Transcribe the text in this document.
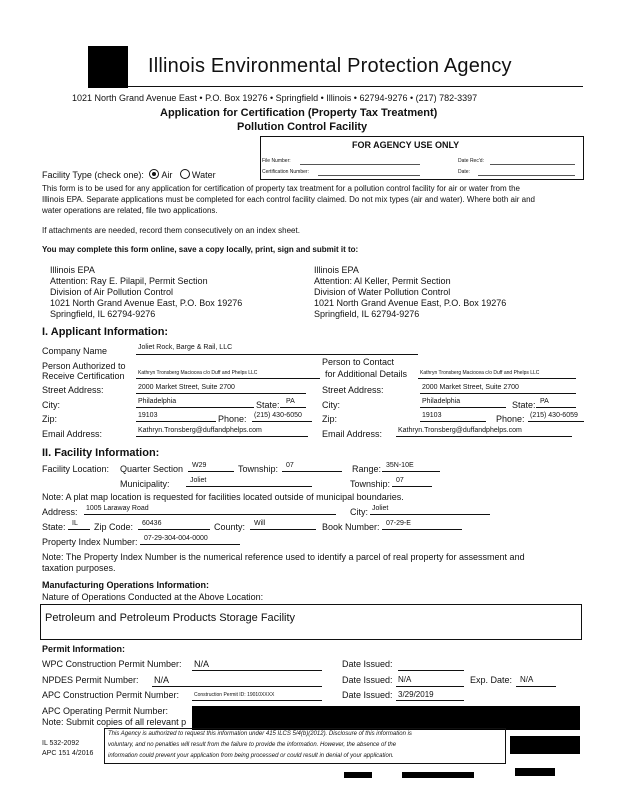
Illinois Environmental Protection Agency
1021 North Grand Avenue East • P.O. Box 19276 • Springfield • Illinois • 62794-9276 • (217) 782-3397
Application for Certification (Property Tax Treatment)
Pollution Control Facility
FOR AGENCY USE ONLY
File Number:	Date Rec'd:
Certification Number:	Date:
Facility Type (check one): Air Water
This form is to be used for any application for certification of property tax treatment for a pollution control facility for air or water from the
Illinois EPA. Separate applications must be completed for each control facility claimed. Do not mix types (air and water). Where both air and
water operations are related, file two applications.
If attachments are needed, record them consecutively on an index sheet.
You may complete this form online, save a copy locally, print, sign and submit it to:
Illinois EPA
Attention: Ray E. Pilapil, Permit Section
Division of Air Pollution Control
1021 North Grand Avenue East, P.O. Box 19276
Springfield, IL 62794-9276
Illinois EPA
Attention: Al Keller, Permit Section
Division of Water Pollution Control
1021 North Grand Avenue East, P.O. Box 19276
Springfield, IL 62794-9276
I. Applicant Information:
Company Name	Joliet Rock, Barge & Rail, LLC
Person Authorized to
Receive Certification	Kathryn Tronsberg Maciocea c/o Duff and Phelps LLC
Person to Contact
for Additional Details	Kathryn Tronsberg Maciocea c/o Duff and Phelps LLC
Street Address:	2000 Market Street, Suite 2700	Street Address:	2000 Market Street, Suite 2700
City:	Philadelphia	State: PA	City:	Philadelphia	State: PA
Zip:	19103	Phone: (215) 430-6050 Zip:	19103	Phone: (215) 430-6059
Email Address:	Kathryn.Tronsberg@duffandphelps.com	Email Address: Kathryn.Tronsberg@duffandphelps.com
II. Facility Information:
Facility Location: Quarter Section W29	Township: 07	Range: 35N-10E
Municipality:	Joliet	Township: 07
Note: A plat map location is requested for facilities located outside of municipal boundaries.
Address: 1005 Laraway Road	City: Joliet
State: IL Zip Code: 60436	County: Will	Book Number: 07-29-E
Property Index Number: 07-29-304-004-0000
Note: The Property Index Number is the numerical reference used to identify a parcel of real property for assessment and
taxation purposes.
Manufacturing Operations Information:
Nature of Operations Conducted at the Above Location:
Petroleum and Petroleum Products Storage Facility
Permit Information:
WPC Construction Permit Number: N/A	Date Issued:
NPDES Permit Number: N/A	Date Issued: N/A	Exp. Date: N/A
APC Construction Permit Number:	Construction Permit ID: 19010XXXX	Date Issued: 3/29/2019
APC Operating Permit Number:
Note: Submit copies of all relevant p
IL 532-2092
APC 151 4/2016
This Agency is authorized to request this information under 415 ILCS 5/4(b)(2012). Disclosure of this information is
voluntary, and no penalties will result from the failure to provide the information. However, the absence of the
information could prevent your application from being processed or could result in denial of your application.
